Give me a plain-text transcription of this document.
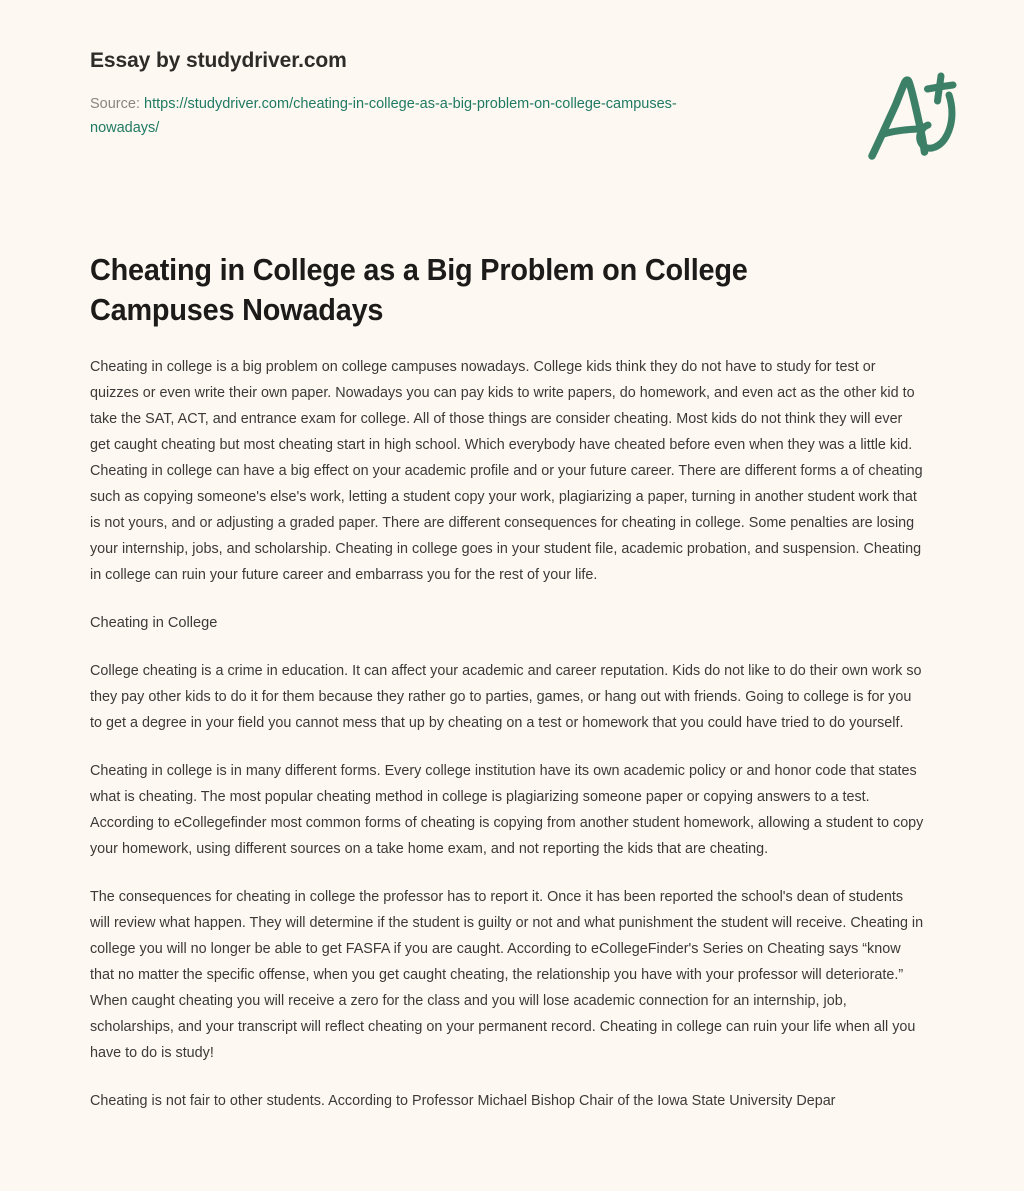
Essay by studydriver.com
Source: https://studydriver.com/cheating-in-college-as-a-big-problem-on-college-campuses-nowadays/
Cheating in College as a Big Problem on College Campuses Nowadays

Cheating in college is a big problem on college campuses nowadays. College kids think they do not have to study for test or quizzes or even write their own paper. Nowadays you can pay kids to write papers, do homework, and even act as the other kid to take the SAT, ACT, and entrance exam for college. All of those things are consider cheating. Most kids do not think they will ever get caught cheating but most cheating start in high school. Which everybody have cheated before even when they was a little kid. Cheating in college can have a big effect on your academic profile and or your future career. There are different forms a of cheating such as copying someone's else's work, letting a student copy your work, plagiarizing a paper, turning in another student work that is not yours, and or adjusting a graded paper. There are different consequences for cheating in college. Some penalties are losing your internship, jobs, and scholarship. Cheating in college goes in your student file, academic probation, and suspension. Cheating in college can ruin your future career and embarrass you for the rest of your life.

Cheating in College

College cheating is a crime in education. It can affect your academic and career reputation. Kids do not like to do their own work so they pay other kids to do it for them because they rather go to parties, games, or hang out with friends. Going to college is for you to get a degree in your field you cannot mess that up by cheating on a test or homework that you could have tried to do yourself.

Cheating in college is in many different forms. Every college institution have its own academic policy or and honor code that states what is cheating. The most popular cheating method in college is plagiarizing someone paper or copying answers to a test. According to eCollegefinder most common forms of cheating is copying from another student homework, allowing a student to copy your homework, using different sources on a take home exam, and not reporting the kids that are cheating.

The consequences for cheating in college the professor has to report it. Once it has been reported the school's dean of students will review what happen. They will determine if the student is guilty or not and what punishment the student will receive. Cheating in college you will no longer be able to get FASFA if you are caught. According to eCollegeFinder's Series on Cheating says “know that no matter the specific offense, when you get caught cheating, the relationship you have with your professor will deteriorate.” When caught cheating you will receive a zero for the class and you will lose academic connection for an internship, job, scholarships, and your transcript will reflect cheating on your permanent record. Cheating in college can ruin your life when all you have to do is study!

Cheating is not fair to other students. According to Professor Michael Bishop Chair of the Iowa State University Depar
